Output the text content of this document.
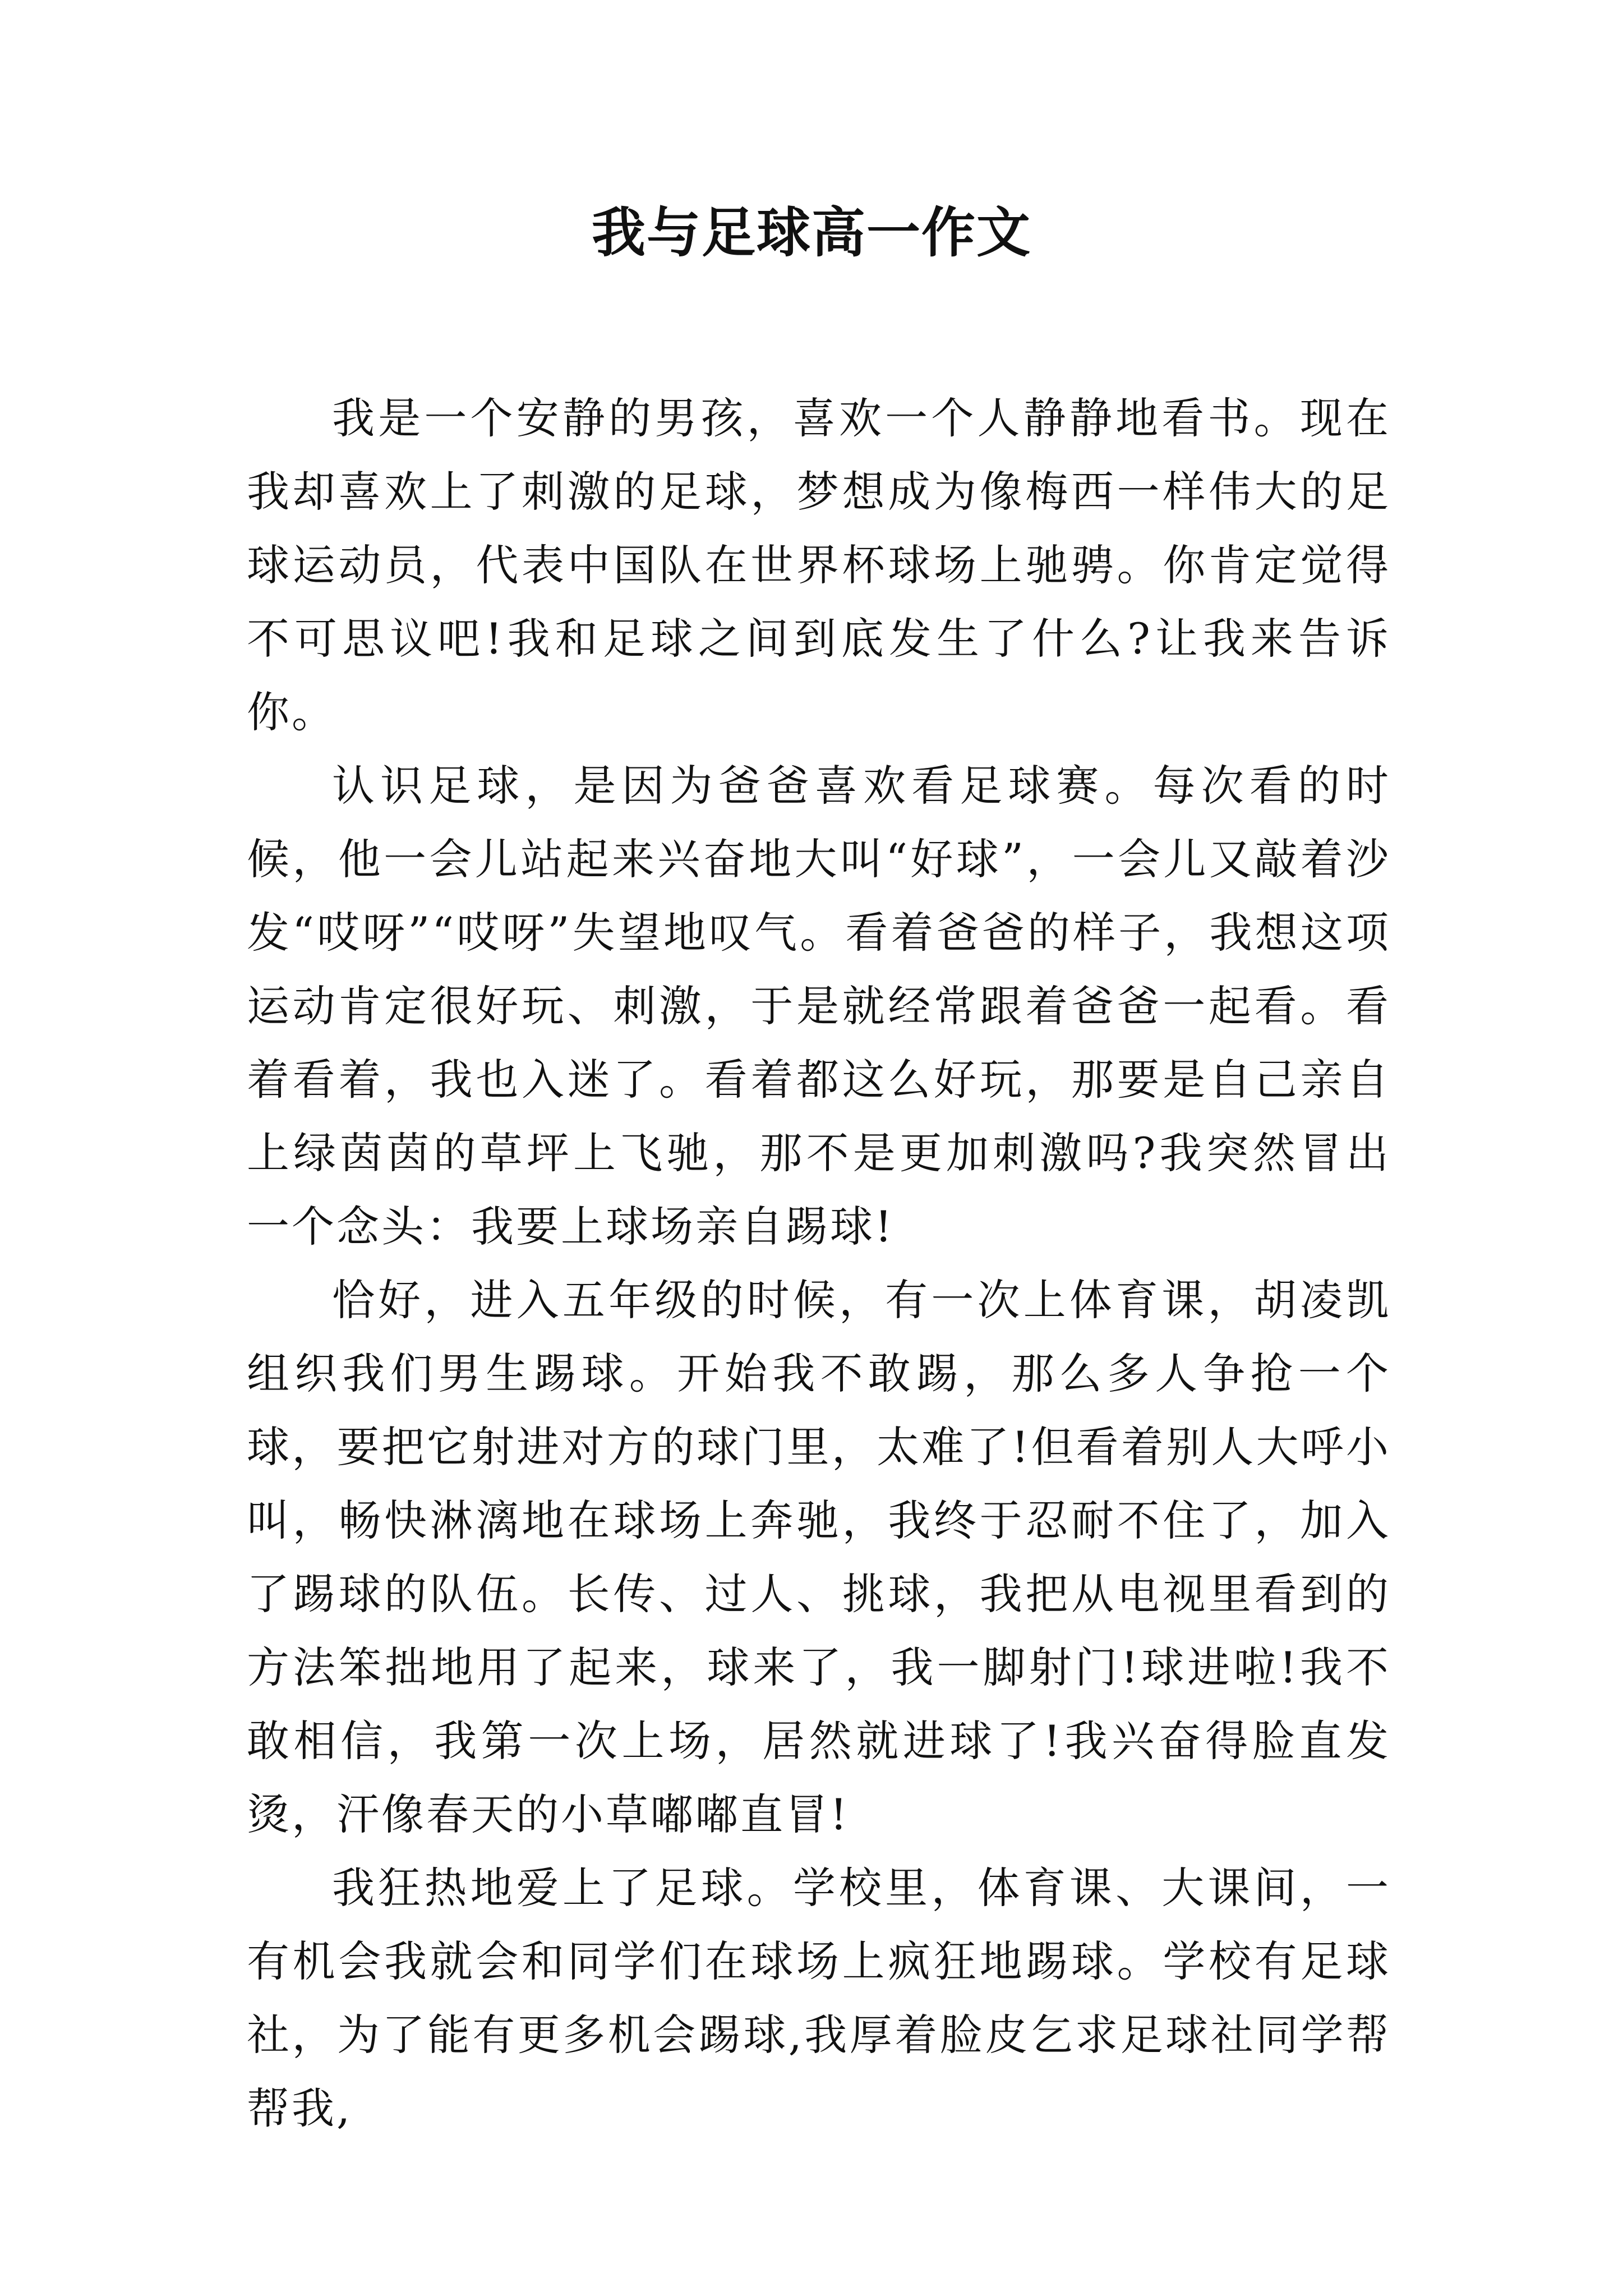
我与足球高一作文

我是一个安静的男孩，喜欢一个人静静地看书。现在我却喜欢上了刺激的足球，梦想成为像梅西一样伟大的足球运动员，代表中国队在世界杯球场上驰骋。你肯定觉得不可思议吧!我和足球之间到底发生了什么?让我来告诉你。

认识足球，是因为爸爸喜欢看足球赛。每次看的时候，他一会儿站起来兴奋地大叫“好球”，一会儿又敲着沙发“哎呀”“哎呀”失望地叹气。看着爸爸的样子，我想这项运动肯定很好玩、刺激，于是就经常跟着爸爸一起看。看着看着，我也入迷了。看着都这么好玩，那要是自己亲自上绿茵茵的草坪上飞驰，那不是更加刺激吗?我突然冒出一个念头：我要上球场亲自踢球!

恰好，进入五年级的时候，有一次上体育课，胡凌凯组织我们男生踢球。开始我不敢踢，那么多人争抢一个球，要把它射进对方的球门里，太难了!但看着别人大呼小叫，畅快淋漓地在球场上奔驰，我终于忍耐不住了，加入了踢球的队伍。长传、过人、挑球，我把从电视里看到的方法笨拙地用了起来，球来了，我一脚射门!球进啦!我不敢相信，我第一次上场，居然就进球了!我兴奋得脸直发烫，汗像春天的小草嘟嘟直冒!

我狂热地爱上了足球。学校里，体育课、大课间，一有机会我就会和同学们在球场上疯狂地踢球。学校有足球社，为了能有更多机会踢球,我厚着脸皮乞求足球社同学帮帮我,
